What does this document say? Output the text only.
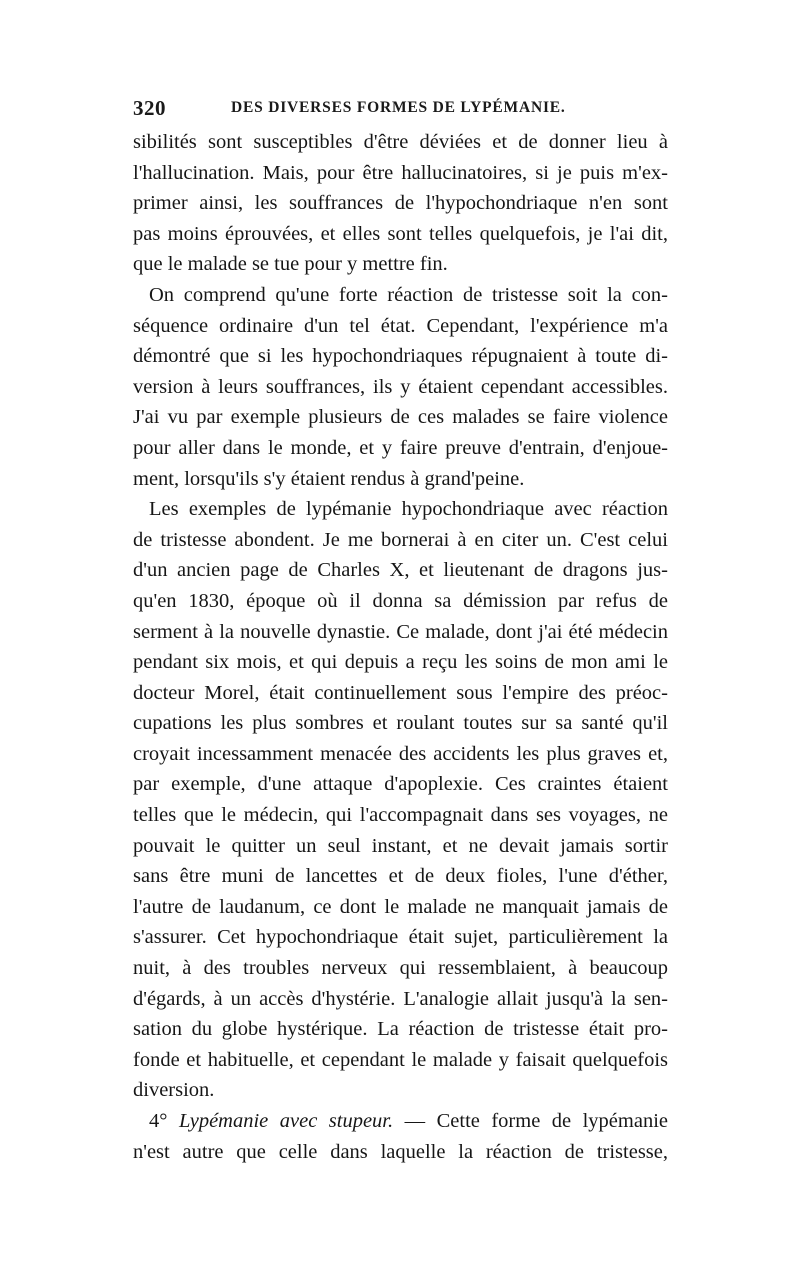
320	DES DIVERSES FORMES DE LYPÉMANIE.
sibilités sont susceptibles d'être déviées et de donner lieu à
l'hallucination. Mais, pour être hallucinatoires, si je puis m'ex-
primer ainsi, les souffrances de l'hypochondriaque n'en sont
pas moins éprouvées, et elles sont telles quelquefois, je l'ai dit,
que le malade se tue pour y mettre fin.
On comprend qu'une forte réaction de tristesse soit la con-
séquence ordinaire d'un tel état. Cependant, l'expérience m'a
démontré que si les hypochondriaques répugnaient à toute di-
version à leurs souffrances, ils y étaient cependant accessibles.
J'ai vu par exemple plusieurs de ces malades se faire violence
pour aller dans le monde, et y faire preuve d'entrain, d'enjoue-
ment, lorsqu'ils s'y étaient rendus à grand'peine.
Les exemples de lypémanie hypochondriaque avec réaction
de tristesse abondent. Je me bornerai à en citer un. C'est celui
d'un ancien page de Charles X, et lieutenant de dragons jus-
qu'en 1830, époque où il donna sa démission par refus de
serment à la nouvelle dynastie. Ce malade, dont j'ai été médecin
pendant six mois, et qui depuis a reçu les soins de mon ami le
docteur Morel, était continuellement sous l'empire des préoc-
cupations les plus sombres et roulant toutes sur sa santé qu'il
croyait incessamment menacée des accidents les plus graves et,
par exemple, d'une attaque d'apoplexie. Ces craintes étaient
telles que le médecin, qui l'accompagnait dans ses voyages, ne
pouvait le quitter un seul instant, et ne devait jamais sortir
sans être muni de lancettes et de deux fioles, l'une d'éther,
l'autre de laudanum, ce dont le malade ne manquait jamais de
s'assurer. Cet hypochondriaque était sujet, particulièrement la
nuit, à des troubles nerveux qui ressemblaient, à beaucoup
d'égards, à un accès d'hystérie. L'analogie allait jusqu'à la sen-
sation du globe hystérique. La réaction de tristesse était pro-
fonde et habituelle, et cependant le malade y faisait quelquefois
diversion.
4° Lypémanie avec stupeur. — Cette forme de lypémanie
n'est autre que celle dans laquelle la réaction de tristesse,
